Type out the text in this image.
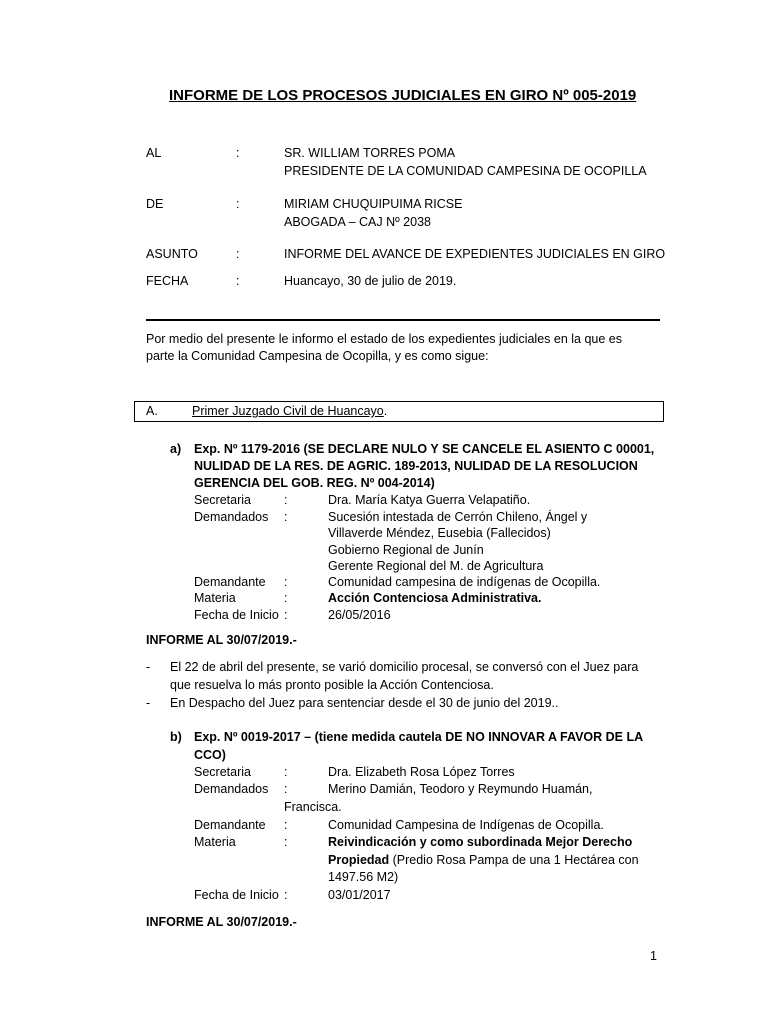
INFORME DE LOS PROCESOS JUDICIALES EN GIRO Nº 005-2019
AL	:	SR. WILLIAM TORRES POMA
PRESIDENTE DE LA COMUNIDAD CAMPESINA DE OCOPILLA
DE	:	MIRIAM CHUQUIPUIMA RICSE
ABOGADA – CAJ Nº 2038
ASUNTO	:	INFORME DEL AVANCE DE EXPEDIENTES JUDICIALES EN GIRO
FECHA	:	Huancayo, 30 de julio de 2019.
Por medio del presente le informo el estado de los expedientes judiciales en la que es
parte la Comunidad Campesina de Ocopilla, y es como sigue:
A.	Primer Juzgado Civil de Huancayo.
a) Exp. Nº 1179-2016 (SE DECLARE NULO Y SE CANCELE EL ASIENTO C 00001,
NULIDAD DE LA RES. DE AGRIC. 189-2013, NULIDAD DE LA RESOLUCION
GERENCIA DEL GOB. REG. Nº 004-2014)
Secretaria	:	Dra. María Katya Guerra Velapatiño.
Demandados :	Sucesión intestada de Cerrón Chileno, Ángel y
Villaverde Méndez, Eusebia (Fallecidos)
Gobierno Regional de Junín
Gerente Regional del M. de Agricultura
Demandante :	Comunidad campesina de indígenas de Ocopilla.
Materia	:	Acción Contenciosa Administrativa.
Fecha de Inicio :	26/05/2016
INFORME AL 30/07/2019.-
- El 22 de abril del presente, se varió domicilio procesal, se conversó con el Juez para
que resuelva lo más pronto posible la Acción Contenciosa.
- En Despacho del Juez para sentenciar desde el 30 de junio del 2019..
b) Exp. Nº 0019-2017 – (tiene medida cautela DE NO INNOVAR A FAVOR DE LA
CCO)
Secretaria	:	Dra. Elizabeth Rosa López Torres
Demandados :	Merino Damián, Teodoro y Reymundo Huamán,
Francisca.
Demandante :	Comunidad Campesina de Indígenas de Ocopilla.
Materia	:	Reivindicación y como subordinada Mejor Derecho
Propiedad (Predio Rosa Pampa de una 1 Hectárea con
1497.56 M2)
Fecha de Inicio :	03/01/2017
INFORME AL 30/07/2019.-
1
